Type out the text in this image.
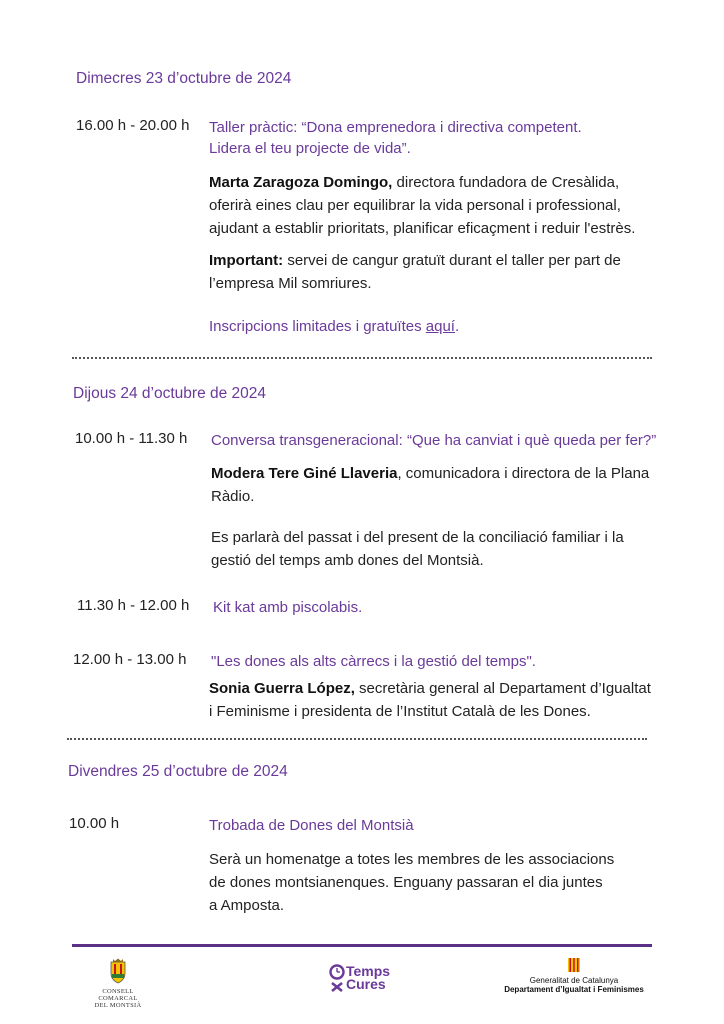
Dimecres 23 d’octubre de 2024
16.00 h - 20.00 h Taller pràctic: “Dona emprenedora i directiva competent.
Lidera el teu projecte de vida”.
Marta Zaragoza Domingo, directora fundadora de Cresàlida,
oferirà eines clau per equilibrar la vida personal i professional,
ajudant a establir prioritats, planificar eficaçment i reduir l'estrès.
Important: servei de cangur gratuït durant el taller per part de
l’empresa Mil somriures.
Inscripcions limitades i gratuïtes aquí.
Dijous 24 d’octubre de 2024
10.00 h - 11.30 h Conversa transgeneracional: “Que ha canviat i què queda per fer?”
Modera Tere Giné Llaveria, comunicadora i directora de la Plana
Ràdio.
Es parlarà del passat i del present de la conciliació familiar i la
gestió del temps amb dones del Montsià.
11.30 h - 12.00 h Kit kat amb piscolabis.
12.00 h - 13.00 h "Les dones als alts càrrecs i la gestió del temps".
Sonia Guerra López, secretària general al Departament d’Igualtat
i Feminisme i presidenta de l’Institut Català de les Dones.
Divendres 25 d’octubre de 2024
10.00 h	Trobada de Dones del Montsià
Serà un homenatge a totes les membres de les associacions
de dones montsianenques. Enguany passaran el dia juntes
a Amposta.
CONSELL COMARCAL
DEL MONTSIÀ
Temps
Cures	Generalitat de Catalunya
Departament d’Igualtat i Feminismes
